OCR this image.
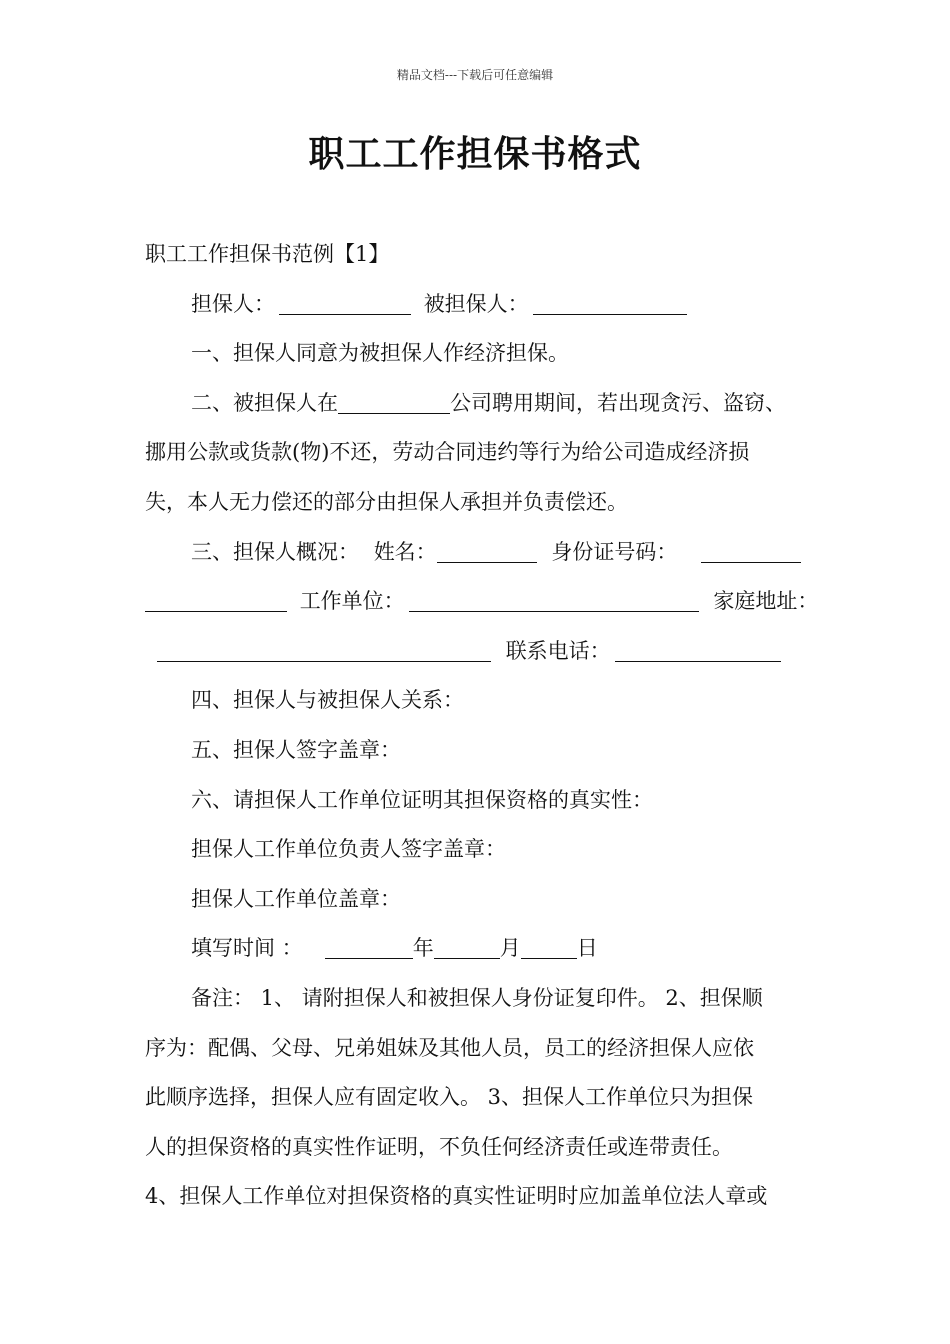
精品文档---下载后可任意编辑
职工工作担保书格式

职工工作担保书范例【1】

担保人：	被担保人：

一、担保人同意为被担保人作经济担保。

二、被担保人在	公司聘用期间，若出现贪污、盗窃、

挪用公款或货款(物)不还，劳动合同违约等行为给公司造成经济损

失，本人无力偿还的部分由担保人承担并负责偿还。

三、担保人概况： 姓名：	身份证号码：

工作单位：	家庭地址：

联系电话：

四、担保人与被担保人关系：

五、担保人签字盖章：

六、请担保人工作单位证明其担保资格的真实性：

担保人工作单位负责人签字盖章：

担保人工作单位盖章：

填写时间 ：	年	月	日

备注： 1、 请附担保人和被担保人身份证复印件。 2、担保顺

序为：配偶、父母、兄弟姐妹及其他人员，员工的经济担保人应依

此顺序选择，担保人应有固定收入。 3、担保人工作单位只为担保

人的担保资格的真实性作证明，不负任何经济责任或连带责任。

4、担保人工作单位对担保资格的真实性证明时应加盖单位法人章或
